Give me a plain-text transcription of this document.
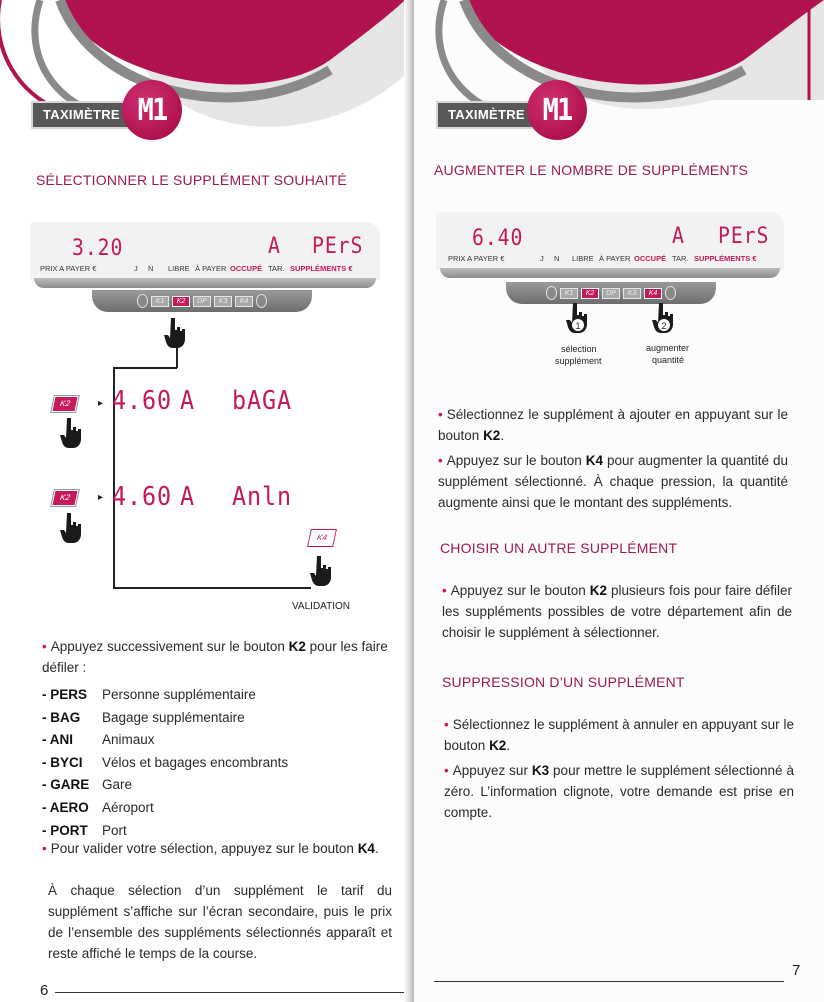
TAXIMÈTRE M1
SÉLECTIONNER LE SUPPLÉMENT SOUHAITÉ
3.20	A PErS
PRIX A PAYER €	J N LIBRE À PAYER OCCUPÉ TAR. SUPPLÉMENTS €
K1	K2	DP	K3	K4
K2	▸ 4.60 A bAGA
K2	▸ 4.60 A Anln
K4
VALIDATION
• Appuyez successivement sur le bouton K2 pour les faire défiler :
- PERS	Personne supplémentaire
- BAG	Bagage supplémentaire
- ANI	Animaux
- BYCI	Vélos et bagages encombrants
- GARE Gare
- AERO Aéroport
- PORT	Port
• Pour valider votre sélection, appuyez sur le bouton K4.
À chaque sélection d’un supplément le tarif du supplément s’affiche sur l’écran secondaire, puis le prix de l’ensemble des suppléments sélectionnés apparaît et reste affiché le temps de la course.
6
TAXIMÈTRE M1
AUGMENTER LE NOMBRE DE SUPPLÉMENTS
6.40	A PErS
PRIX A PAYER €	J N LIBRE À PAYER OCCUPÉ TAR. SUPPLÉMENTS €
K1	K2	DP	K3	K4
1
sélection
supplément
2
augmenter
quantité
• Sélectionnez le supplément à ajouter en appuyant sur le bouton K2.
• Appuyez sur le bouton K4 pour augmenter la quantité du supplément sélectionné. À chaque pression, la quantité augmente ainsi que le montant des suppléments.
CHOISIR UN AUTRE SUPPLÉMENT
• Appuyez sur le bouton K2 plusieurs fois pour faire défiler les suppléments possibles de votre département afin de choisir le supplément à sélectionner.
SUPPRESSION D’UN SUPPLÉMENT
• Sélectionnez le supplément à annuler en appuyant sur le bouton K2.
• Appuyez sur K3 pour mettre le supplément sélectionné à zéro. L’information clignote, votre demande est prise en compte.
7
